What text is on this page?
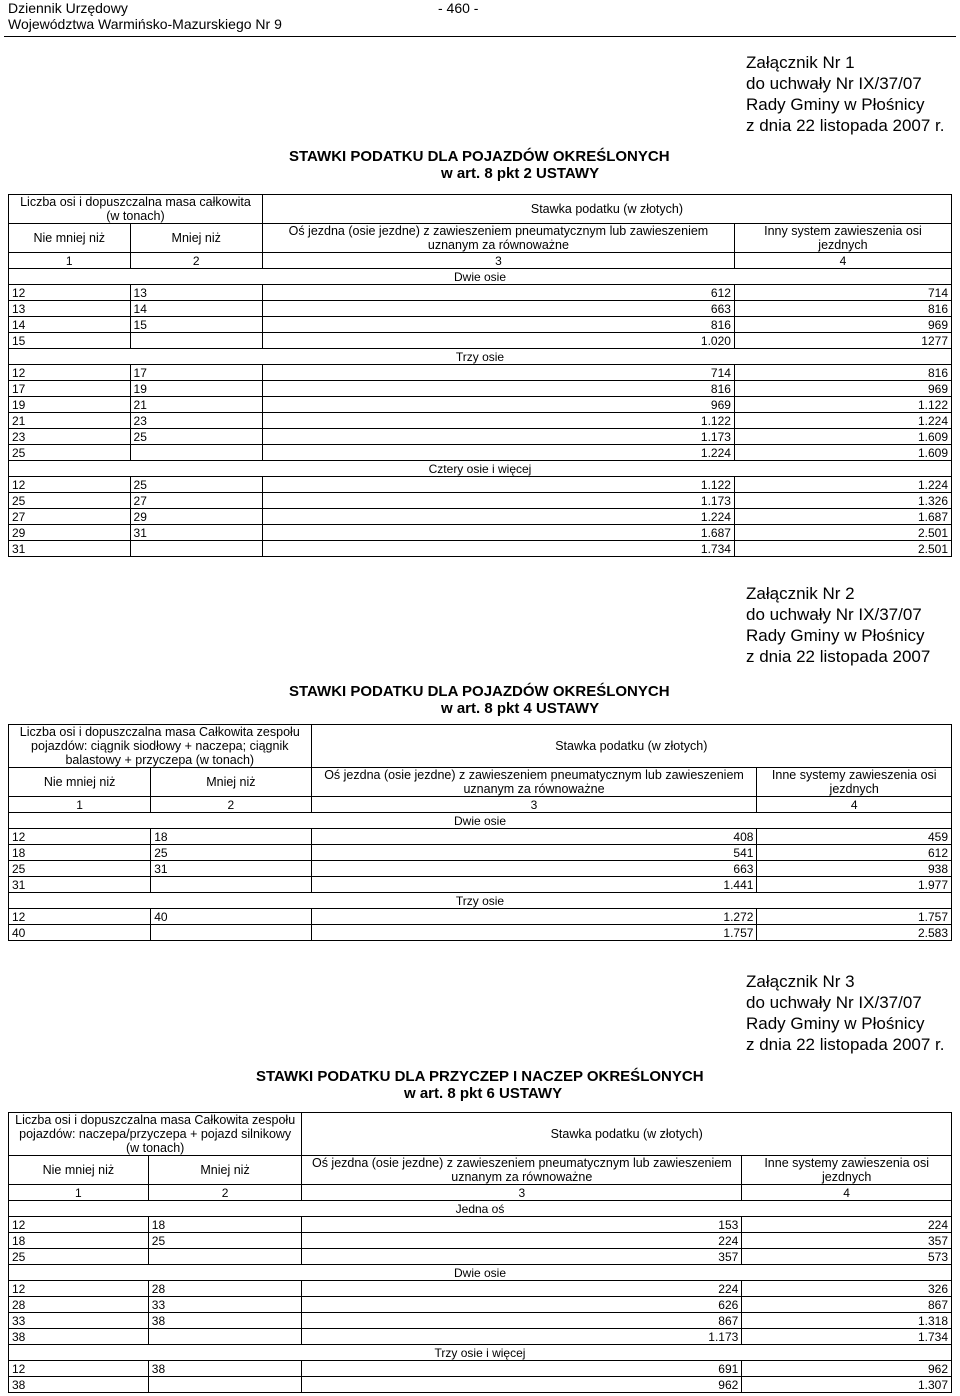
Dziennik Urzędowy
Województwa Warmińsko-Mazurskiego Nr 9
- 460 -
Załącznik Nr 1
do uchwały Nr IX/37/07
Rady Gminy w Płośnicy
z dnia 22 listopada 2007 r.
STAWKI PODATKU DLA POJAZDÓW OKREŚLONYCH
w art. 8 pkt 2 USTAWY
Liczba osi i dopuszczalna masa całkowita (w tonach)		Stawka podatku (w złotych)	
Nie mniej niż	Mniej niż	Oś jezdna (osie jezdne) z zawieszeniem pneumatycznym lub zawieszeniem uznanym za równoważne	Inny system zawieszenia osi jezdnych
1	2	3	4
Dwie osie			
12	13	612	714
13	14	663	816
14	15	816	969
15		1.020	1277
Trzy osie			
12	17	714	816
17	19	816	969
19	21	969	1.122
21	23	1.122	1.224
23	25	1.173	1.609
25		1.224	1.609
Cztery osie i więcej			
12	25	1.122	1.224
25	27	1.173	1.326
27	29	1.224	1.687
29	31	1.687	2.501
31		1.734	2.501
Załącznik Nr 2
do uchwały Nr IX/37/07
Rady Gminy w Płośnicy
z dnia 22 listopada 2007
STAWKI PODATKU DLA POJAZDÓW OKREŚLONYCH
w art. 8 pkt 4 USTAWY
Liczba osi i dopuszczalna masa Całkowita zespołu pojazdów: ciągnik siodłowy + naczepa; ciągnik balastowy + przyczepa (w tonach)		Stawka podatku (w złotych)	
Nie mniej niż	Mniej niż	Oś jezdna (osie jezdne) z zawieszeniem pneumatycznym lub zawieszeniem uznanym za równoważne	Inne systemy zawieszenia osi jezdnych
1	2	3	4
Dwie osie			
12	18	408	459
18	25	541	612
25	31	663	938
31		1.441	1.977
Trzy osie			
12	40	1.272	1.757
40		1.757	2.583
Załącznik Nr 3
do uchwały Nr IX/37/07
Rady Gminy w Płośnicy
z dnia 22 listopada 2007 r.
STAWKI PODATKU DLA PRZYCZEP I NACZEP OKREŚLONYCH
w art. 8 pkt 6 USTAWY
Liczba osi i dopuszczalna masa Całkowita zespołu pojazdów: naczepa/przyczepa + pojazd silnikowy (w tonach)		Stawka podatku (w złotych)	
Nie mniej niż	Mniej niż	Oś jezdna (osie jezdne) z zawieszeniem pneumatycznym lub zawieszeniem uznanym za równoważne	Inne systemy zawieszenia osi jezdnych
1	2	3	4
Jedna oś			
12	18	153	224
18	25	224	357
25		357	573
Dwie osie			
12	28	224	326
28	33	626	867
33	38	867	1.318
38		1.173	1.734
Trzy osie i więcej			
12	38	691	962
38		962	1.307
